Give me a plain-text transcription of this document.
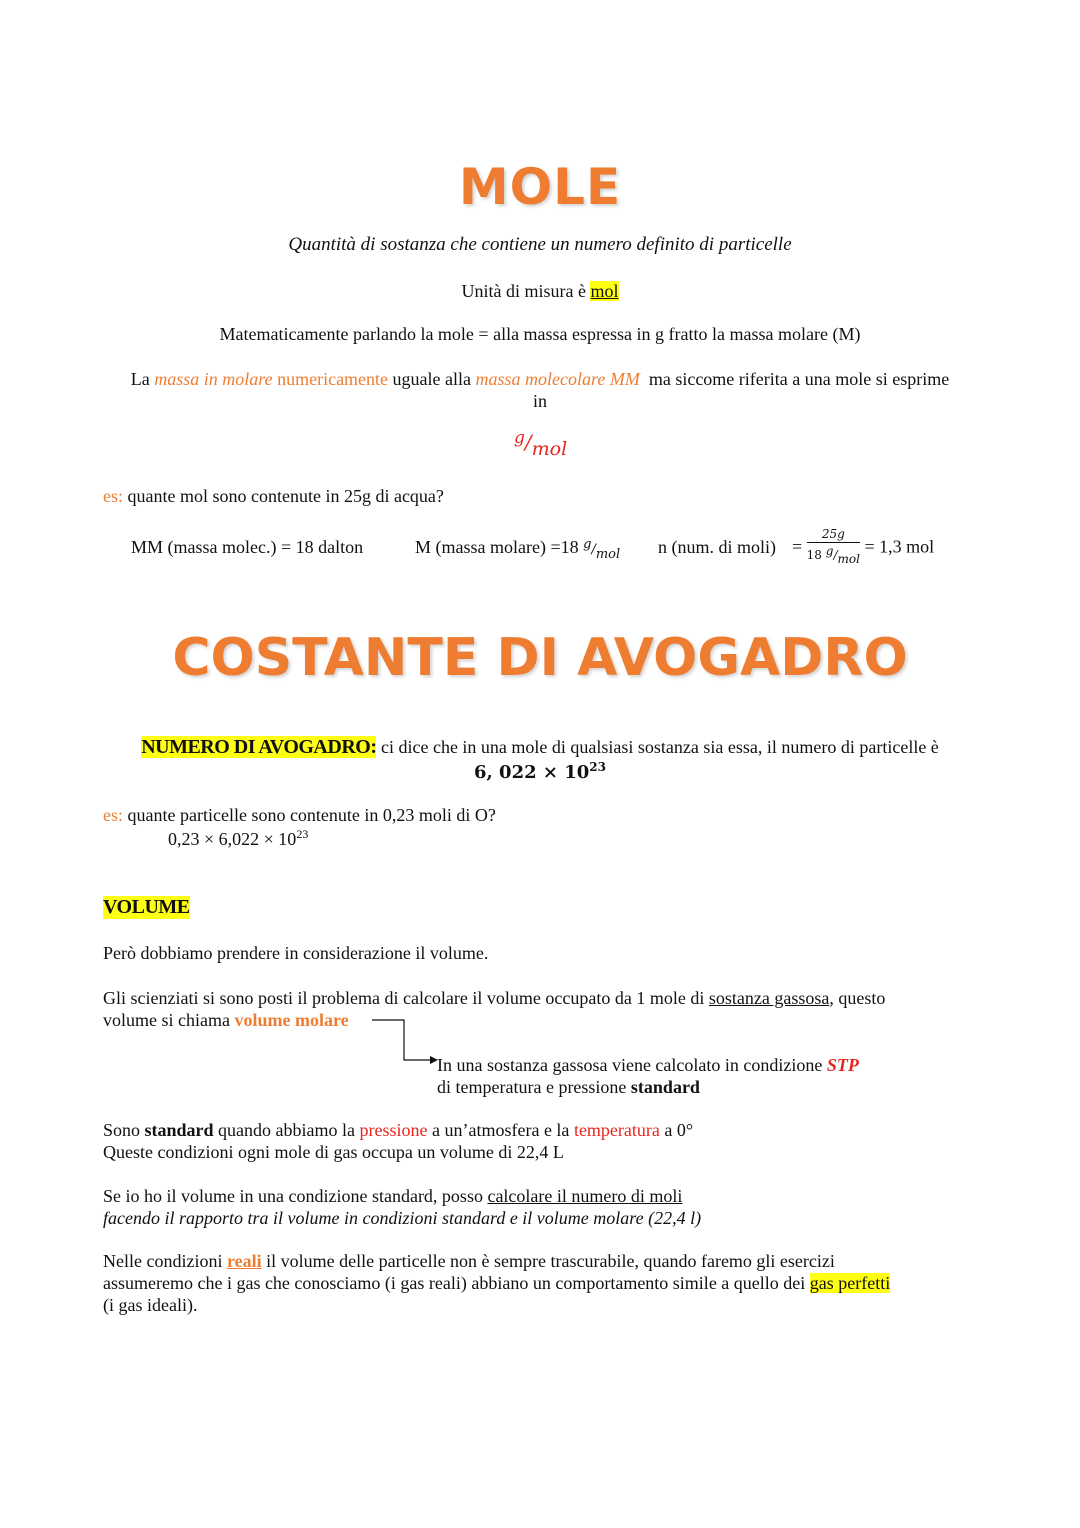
MOLE
Quantità di sostanza che contiene un numero definito di particelle
Unità di misura è mol
Matematicamente parlando la mole = alla massa espressa in g fratto la massa molare (M)
La massa in molare numericamente uguale alla massa molecolare MM ma siccome riferita a una mole si esprime
in
g/mol
es: quante mol sono contenute in 25g di acqua?
MM (massa molec.) = 18 dalton	M (massa molare) =18 $^g/_{mol}$ n (num. di moli) = $\frac{25g}{\text{18 g/mol}} = 1,3$ mol
COSTANTE DI AVOGADRO
NUMERO DI AVOGADRO: ci dice che in una mole di qualsiasi sostanza sia essa, il numero di particelle è
6, $022 \times 10^{23}$
es: quante particelle sono contenute in 0,23 moli di O?
$0,23 \times 6,022 \times 10^{23}$
VOLUME
Però dobbiamo prendere in considerazione il volume.
Gli scienziati si sono posti il problema di calcolare il volume occupato da 1 mole di sostanza gassosa, questo
volume si chiama volume molare
In una sostanza gassosa viene calcolato in condizione STP
di temperatura e pressione standard
Sono standard quando abbiamo la pressione a un’atmosfera e la temperatura a 0°
Queste condizioni ogni mole di gas occupa un volume di 22,4 L
Se io ho il volume in una condizione standard, posso calcolare il numero di moli
facendo il rapporto tra il volume in condizioni standard e il volume molare (22,4 l)
Nelle condizioni reali il volume delle particelle non è sempre trascurabile, quando faremo gli esercizi
assumeremo che i gas che conosciamo (i gas reali) abbiano un comportamento simile a quello dei gas perfetti
(i gas ideali).
